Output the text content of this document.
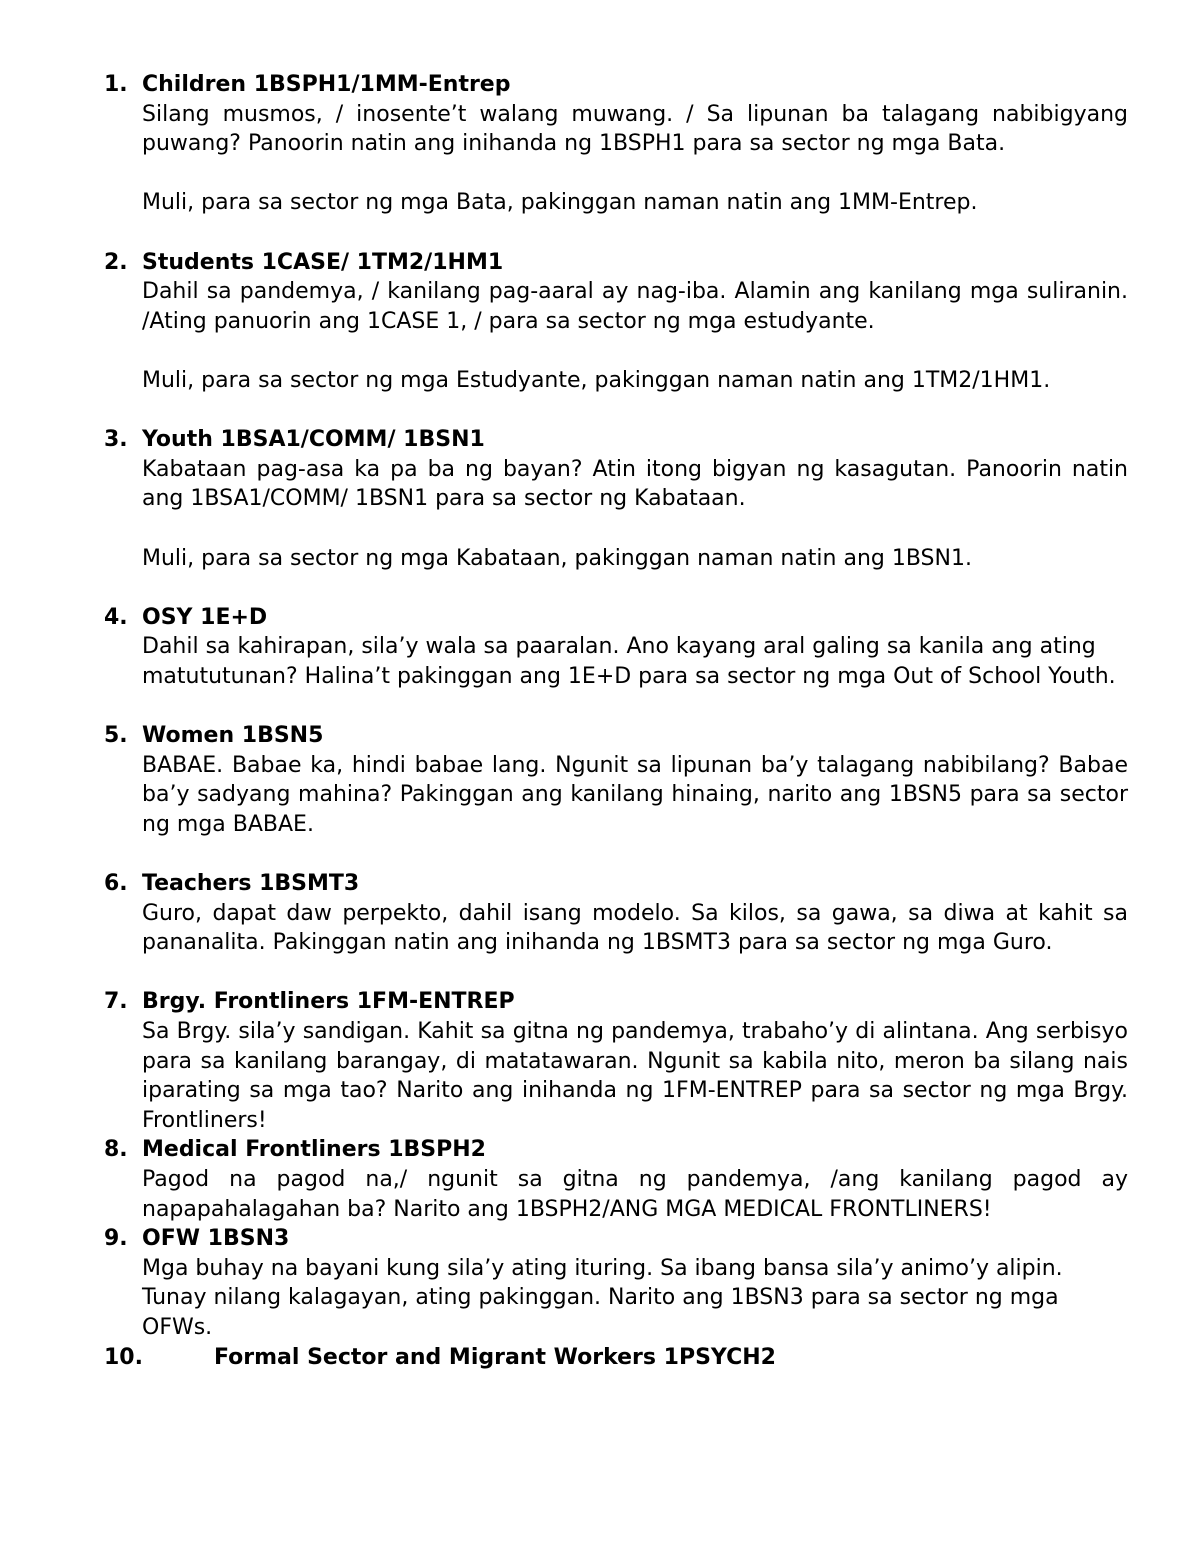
1. Children 1BSPH1/1MM-Entrep

Silang musmos, / inosente’t walang muwang. / Sa lipunan ba talagang nabibigyang puwang? Panoorin natin ang inihanda ng 1BSPH1 para sa sector ng mga Bata.

Muli, para sa sector ng mga Bata, pakinggan naman natin ang 1MM-Entrep.

2. Students 1CASE/ 1TM2/1HM1

Dahil sa pandemya, / kanilang pag-aaral ay nag-iba. Alamin ang kanilang mga suliranin. /Ating panuorin ang 1CASE 1, / para sa sector ng mga estudyante.

Muli, para sa sector ng mga Estudyante, pakinggan naman natin ang 1TM2/1HM1.

3. Youth 1BSA1/COMM/ 1BSN1

Kabataan pag-asa ka pa ba ng bayan? Atin itong bigyan ng kasagutan. Panoorin natin ang 1BSA1/COMM/ 1BSN1 para sa sector ng Kabataan.

Muli, para sa sector ng mga Kabataan, pakinggan naman natin ang 1BSN1.

4. OSY 1E+D

Dahil sa kahirapan, sila’y wala sa paaralan. Ano kayang aral galing sa kanila ang ating matututunan? Halina’t pakinggan ang 1E+D para sa sector ng mga Out of School Youth.

5. Women 1BSN5

BABAE. Babae ka, hindi babae lang. Ngunit sa lipunan ba’y talagang nabibilang? Babae ba’y sadyang mahina? Pakinggan ang kanilang hinaing, narito ang 1BSN5 para sa sector ng mga BABAE.

6. Teachers 1BSMT3

Guro, dapat daw perpekto, dahil isang modelo. Sa kilos, sa gawa, sa diwa at kahit sa pananalita. Pakinggan natin ang inihanda ng 1BSMT3 para sa sector ng mga Guro.

7. Brgy. Frontliners 1FM-ENTREP

Sa Brgy. sila’y sandigan. Kahit sa gitna ng pandemya, trabaho’y di alintana. Ang serbisyo para sa kanilang barangay, di matatawaran. Ngunit sa kabila nito, meron ba silang nais iparating sa mga tao? Narito ang inihanda ng 1FM-ENTREP para sa sector ng mga Brgy. Frontliners!

8. Medical Frontliners 1BSPH2

Pagod na pagod na,/ ngunit sa gitna ng pandemya, /ang kanilang pagod ay napapahalagahan ba? Narito ang 1BSPH2/ANG MGA MEDICAL FRONTLINERS!

9. OFW 1BSN3

Mga buhay na bayani kung sila’y ating ituring. Sa ibang bansa sila’y animo’y alipin. Tunay nilang kalagayan, ating pakinggan. Narito ang 1BSN3 para sa sector ng mga OFWs.

10.	Formal Sector and Migrant Workers 1PSYCH2
